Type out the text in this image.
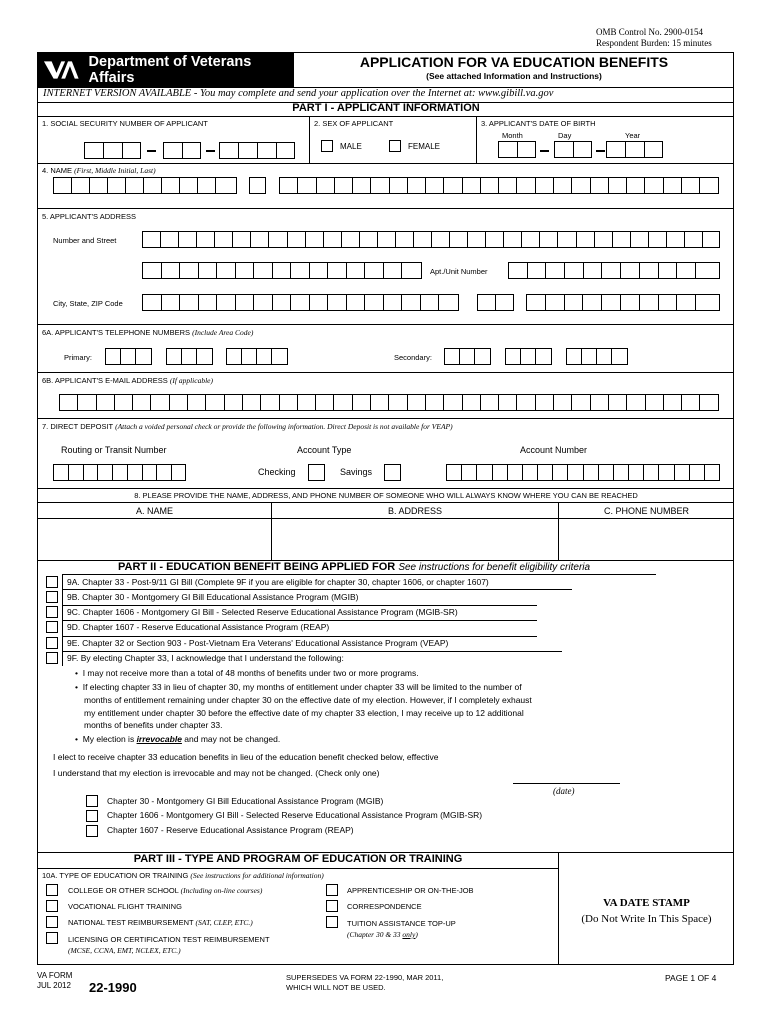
OMB Control No. 2900-0154
Respondent Burden: 15 minutes
Department of Veterans Affairs
APPLICATION FOR VA EDUCATION BENEFITS
(See attached Information and Instructions)
INTERNET VERSION AVAILABLE - You may complete and send your application over the Internet at: www.gibill.va.gov
PART I - APPLICANT INFORMATION
1. SOCIAL SECURITY NUMBER OF APPLICANT	2. SEX OF APPLICANT	3. APPLICANT'S DATE OF BIRTH
MALE	FEMALE
Month	Day	Year
4. NAME (First, Middle Initial, Last)
5. APPLICANT'S ADDRESS
Number and Street
Apt./Unit Number
City, State, ZIP Code
6A. APPLICANT'S TELEPHONE NUMBERS (Include Area Code)
Primary:	Secondary:
6B. APPLICANT'S E-MAIL ADDRESS (If applicable)
7. DIRECT DEPOSIT (Attach a voided personal check or provide the following information. Direct Deposit is not available for VEAP)
Routing or Transit Number	Account Type	Account Number
Checking	Savings
8. PLEASE PROVIDE THE NAME, ADDRESS, AND PHONE NUMBER OF SOMEONE WHO WILL ALWAYS KNOW WHERE YOU CAN BE REACHED
A. NAME	B. ADDRESS	C. PHONE NUMBER
PART II - EDUCATION BENEFIT BEING APPLIED FOR See instructions for benefit eligibility criteria
9A. Chapter 33 - Post-9/11 GI Bill (Complete 9F if you are eligible for chapter 30, chapter 1606, or chapter 1607)
9B. Chapter 30 - Montgomery GI Bill Educational Assistance Program (MGIB)
9C. Chapter 1606 - Montgomery GI Bill - Selected Reserve Educational Assistance Program (MGIB-SR)
9D. Chapter 1607 - Reserve Educational Assistance Program (REAP)
9E. Chapter 32 or Section 903 - Post-Vietnam Era Veterans' Educational Assistance Program (VEAP)
9F. By electing Chapter 33, I acknowledge that I understand the following:
•  I may not receive more than a total of 48 months of benefits under two or more programs.
•  If electing chapter 33 in lieu of chapter 30, my months of entitlement under chapter 33 will be limited to the number of
months of entitlement remaining under chapter 30 on the effective date of my election. However, if I completely exhaust
my entitlement under chapter 30 before the effective date of my chapter 33 election, I may receive up to 12 additional
months of benefits under chapter 33.
•  My election is irrevocable and may not be changed.
I elect to receive chapter 33 education benefits in lieu of the education benefit checked below, effective
I understand that my election is irrevocable and may not be changed. (Check only one)
(date)
Chapter 30 - Montgomery GI Bill Educational Assistance Program (MGIB)
Chapter 1606 - Montgomery GI Bill - Selected Reserve Educational Assistance Program (MGIB-SR)
Chapter 1607 - Reserve Educational Assistance Program (REAP)
PART III - TYPE AND PROGRAM OF EDUCATION OR TRAINING
10A. TYPE OF EDUCATION OR TRAINING (See instructions for additional information)
COLLEGE OR OTHER SCHOOL (Including on-line courses)
VOCATIONAL FLIGHT TRAINING
NATIONAL TEST REIMBURSEMENT (SAT, CLEP, ETC.)
LICENSING OR CERTIFICATION TEST REIMBURSEMENT
(MCSE, CCNA, EMT, NCLEX, ETC.)
APPRENTICESHIP OR ON-THE-JOB
CORRESPONDENCE
TUITION ASSISTANCE TOP-UP
(Chapter 30 & 33 only)
VA DATE STAMP
(Do Not Write In This Space)
VA FORM
JUL 2012 22-1990
SUPERSEDES VA FORM 22-1990, MAR 2011,
WHICH WILL NOT BE USED.
PAGE 1 OF 4
